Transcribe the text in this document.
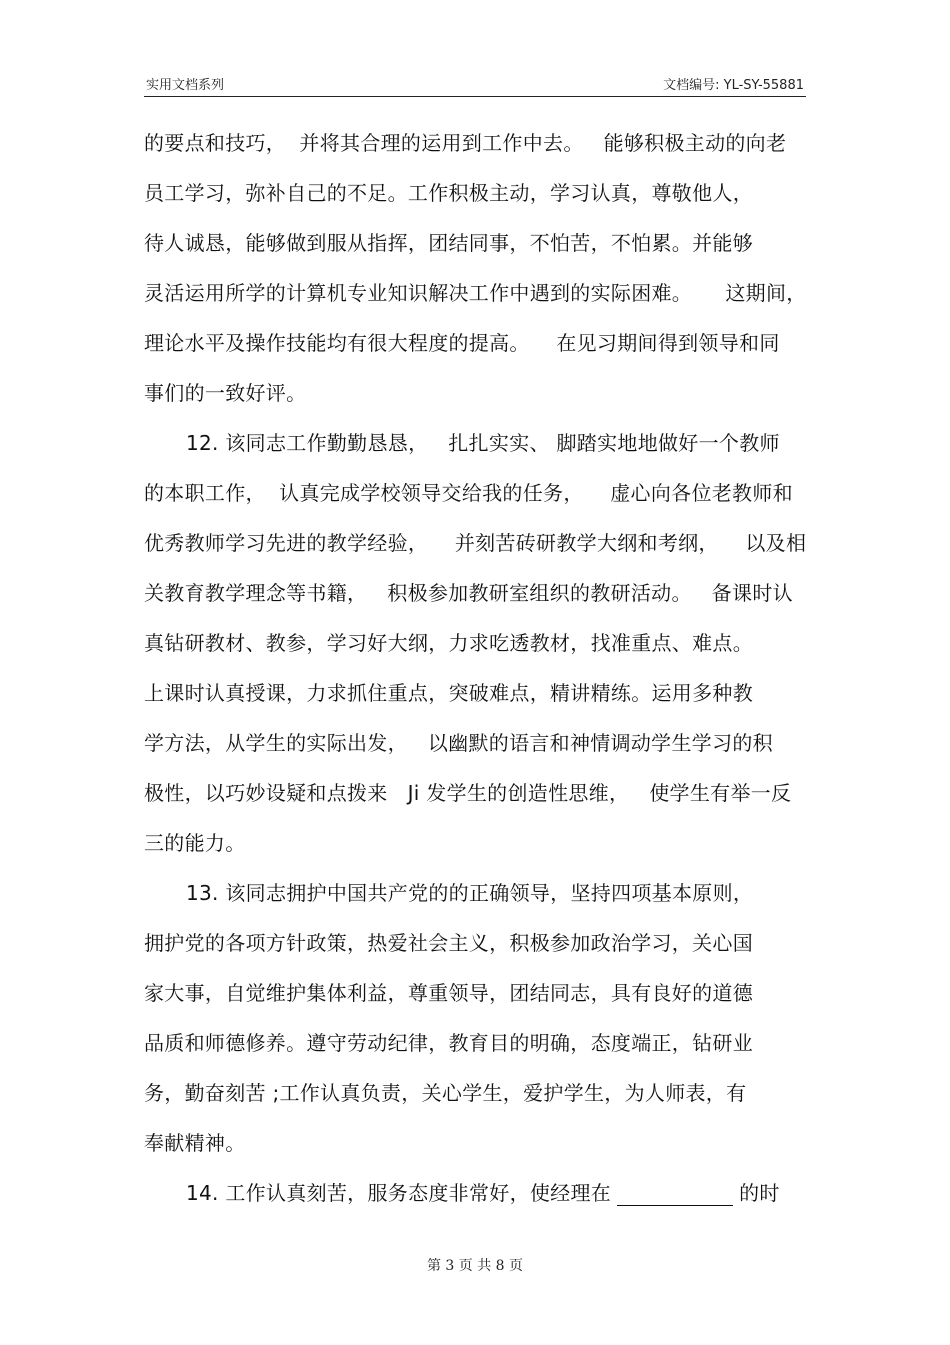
实用文档系列	文档编号: YL-SY-55881
的要点和技巧，  并将其合理的运用到工作中去。   能够积极主动的向老
员工学习，弥补自己的不足。工作积极主动，学习认真，尊敬他人，
待人诚恳，能够做到服从指挥，团结同事，不怕苦，不怕累。并能够
灵活运用所学的计算机专业知识解决工作中遇到的实际困难。     这期间，
理论水平及操作技能均有很大程度的提高。    在见习期间得到领导和同
事们的一致好评。
12. 该同志工作勤勤恳恳，   扎扎实实、 脚踏实地地做好一个教师
的本职工作，  认真完成学校领导交给我的任务，    虚心向各位老教师和
优秀教师学习先进的教学经验，    并刻苦砖研教学大纲和考纲，    以及相
关教育教学理念等书籍，   积极参加教研室组织的教研活动。   备课时认
真钻研教材、教参，学习好大纲，力求吃透教材，找准重点、难点。
上课时认真授课，力求抓住重点，突破难点，精讲精练。运用多种教
学方法，从学生的实际出发，   以幽默的语言和神情调动学生学习的积
极性，以巧妙设疑和点拨来   Ji 发学生的创造性思维，   使学生有举一反
三的能力。
13. 该同志拥护中国共产党的的正确领导，坚持四项基本原则，
拥护党的各项方针政策，热爱社会主义，积极参加政治学习，关心国
家大事，自觉维护集体利益，尊重领导，团结同志，具有良好的道德
品质和师德修养。遵守劳动纪律，教育目的明确，态度端正，钻研业
务，勤奋刻苦 ;工作认真负责，关心学生，爱护学生，为人师表，有
奉献精神。
14. 工作认真刻苦，服务态度非常好，使经理在	的时
第 3 页 共 8 页
